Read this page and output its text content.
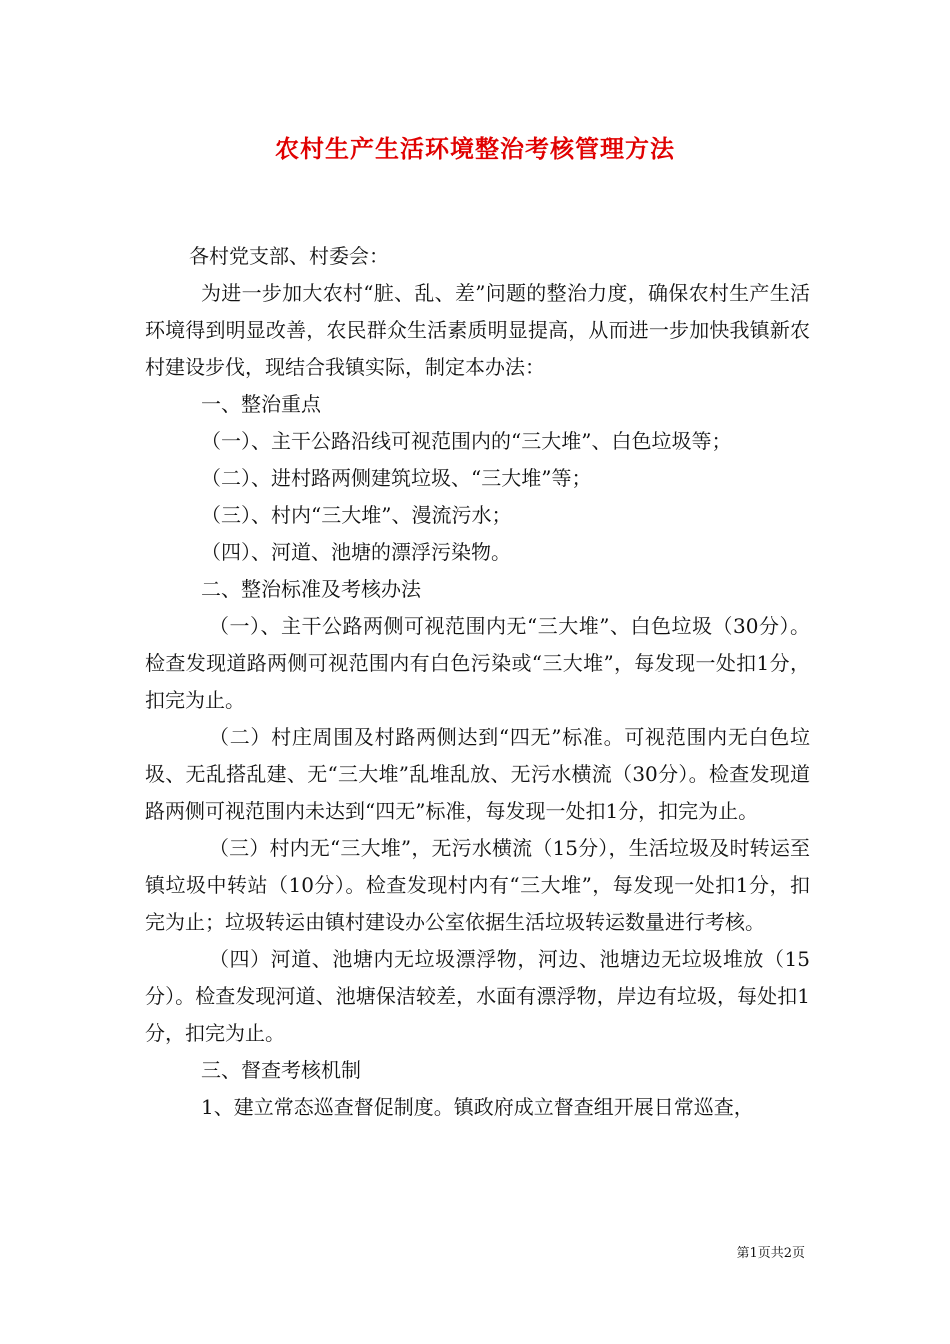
农村生产生活环境整治考核管理方法

各村党支部、村委会：

为进一步加大农村“脏、乱、差”问题的整治力度，确保农村生产生活环境得到明显改善，农民群众生活素质明显提高，从而进一步加快我镇新农村建设步伐，现结合我镇实际，制定本办法：

一、整治重点

（一）、主干公路沿线可视范围内的“三大堆”、白色垃圾等；

（二）、进村路两侧建筑垃圾、“三大堆”等；

（三）、村内“三大堆”、漫流污水；

（四）、河道、池塘的漂浮污染物。

二、整治标准及考核办法

（一）、主干公路两侧可视范围内无“三大堆”、白色垃圾（30分）。检查发现道路两侧可视范围内有白色污染或“三大堆”，每发现一处扣1分，扣完为止。

（二）村庄周围及村路两侧达到“四无”标准。可视范围内无白色垃圾、无乱搭乱建、无“三大堆”乱堆乱放、无污水横流（30分）。检查发现道路两侧可视范围内未达到“四无”标准，每发现一处扣1分，扣完为止。

（三）村内无“三大堆”，无污水横流（15分），生活垃圾及时转运至镇垃圾中转站（10分）。检查发现村内有“三大堆”，每发现一处扣1分，扣完为止；垃圾转运由镇村建设办公室依据生活垃圾转运数量进行考核。

（四）河道、池塘内无垃圾漂浮物，河边、池塘边无垃圾堆放（15分）。检查发现河道、池塘保洁较差，水面有漂浮物，岸边有垃圾，每处扣1分，扣完为止。

三、督查考核机制

1、建立常态巡查督促制度。镇政府成立督查组开展日常巡查，

第1页共2页
